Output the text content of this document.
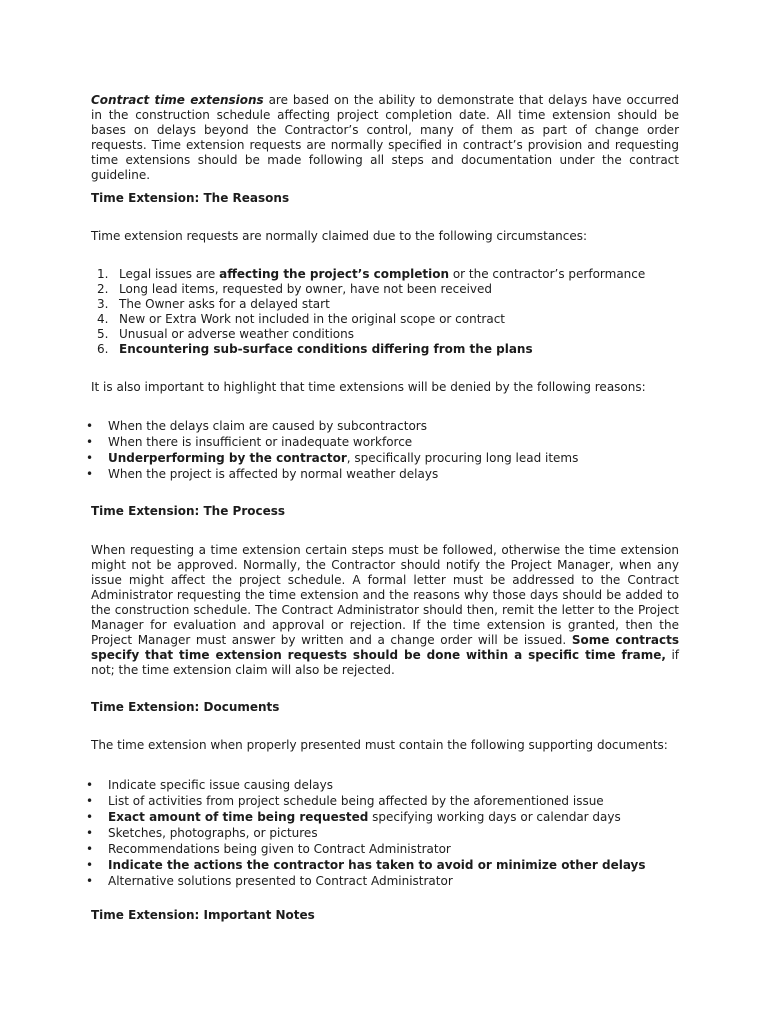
Contract time extensions are based on the ability to demonstrate that delays have occurred in the construction schedule affecting project completion date. All time extension should be bases on delays beyond the Contractor’s control, many of them as part of change order requests. Time extension requests are normally specified in contract’s provision and requesting time extensions should be made following all steps and documentation under the contract guideline.

Time Extension: The Reasons

Time extension requests are normally claimed due to the following circumstances:

1. Legal issues are affecting the project’s completion or the contractor’s performance
2. Long lead items, requested by owner, have not been received
3. The Owner asks for a delayed start
4. New or Extra Work not included in the original scope or contract
5. Unusual or adverse weather conditions
6. Encountering sub-surface conditions differing from the plans

It is also important to highlight that time extensions will be denied by the following reasons:

• When the delays claim are caused by subcontractors
• When there is insufficient or inadequate workforce
• Underperforming by the contractor, specifically procuring long lead items
• When the project is affected by normal weather delays
Time Extension: The Process

When requesting a time extension certain steps must be followed, otherwise the time extension might not be approved. Normally, the Contractor should notify the Project Manager, when any issue might affect the project schedule. A formal letter must be addressed to the Contract Administrator requesting the time extension and the reasons why those days should be added to the construction schedule. The Contract Administrator should then, remit the letter to the Project Manager for evaluation and approval or rejection. If the time extension is granted, then the Project Manager must answer by written and a change order will be issued. Some contracts specify that time extension requests should be done within a specific time frame, if not; the time extension claim will also be rejected.

Time Extension: Documents

The time extension when properly presented must contain the following supporting documents:

• Indicate specific issue causing delays
• List of activities from project schedule being affected by the aforementioned issue
• Exact amount of time being requested specifying working days or calendar days
• Sketches, photographs, or pictures
• Recommendations being given to Contract Administrator
• Indicate the actions the contractor has taken to avoid or minimize other delays
• Alternative solutions presented to Contract Administrator
Time Extension: Important Notes
